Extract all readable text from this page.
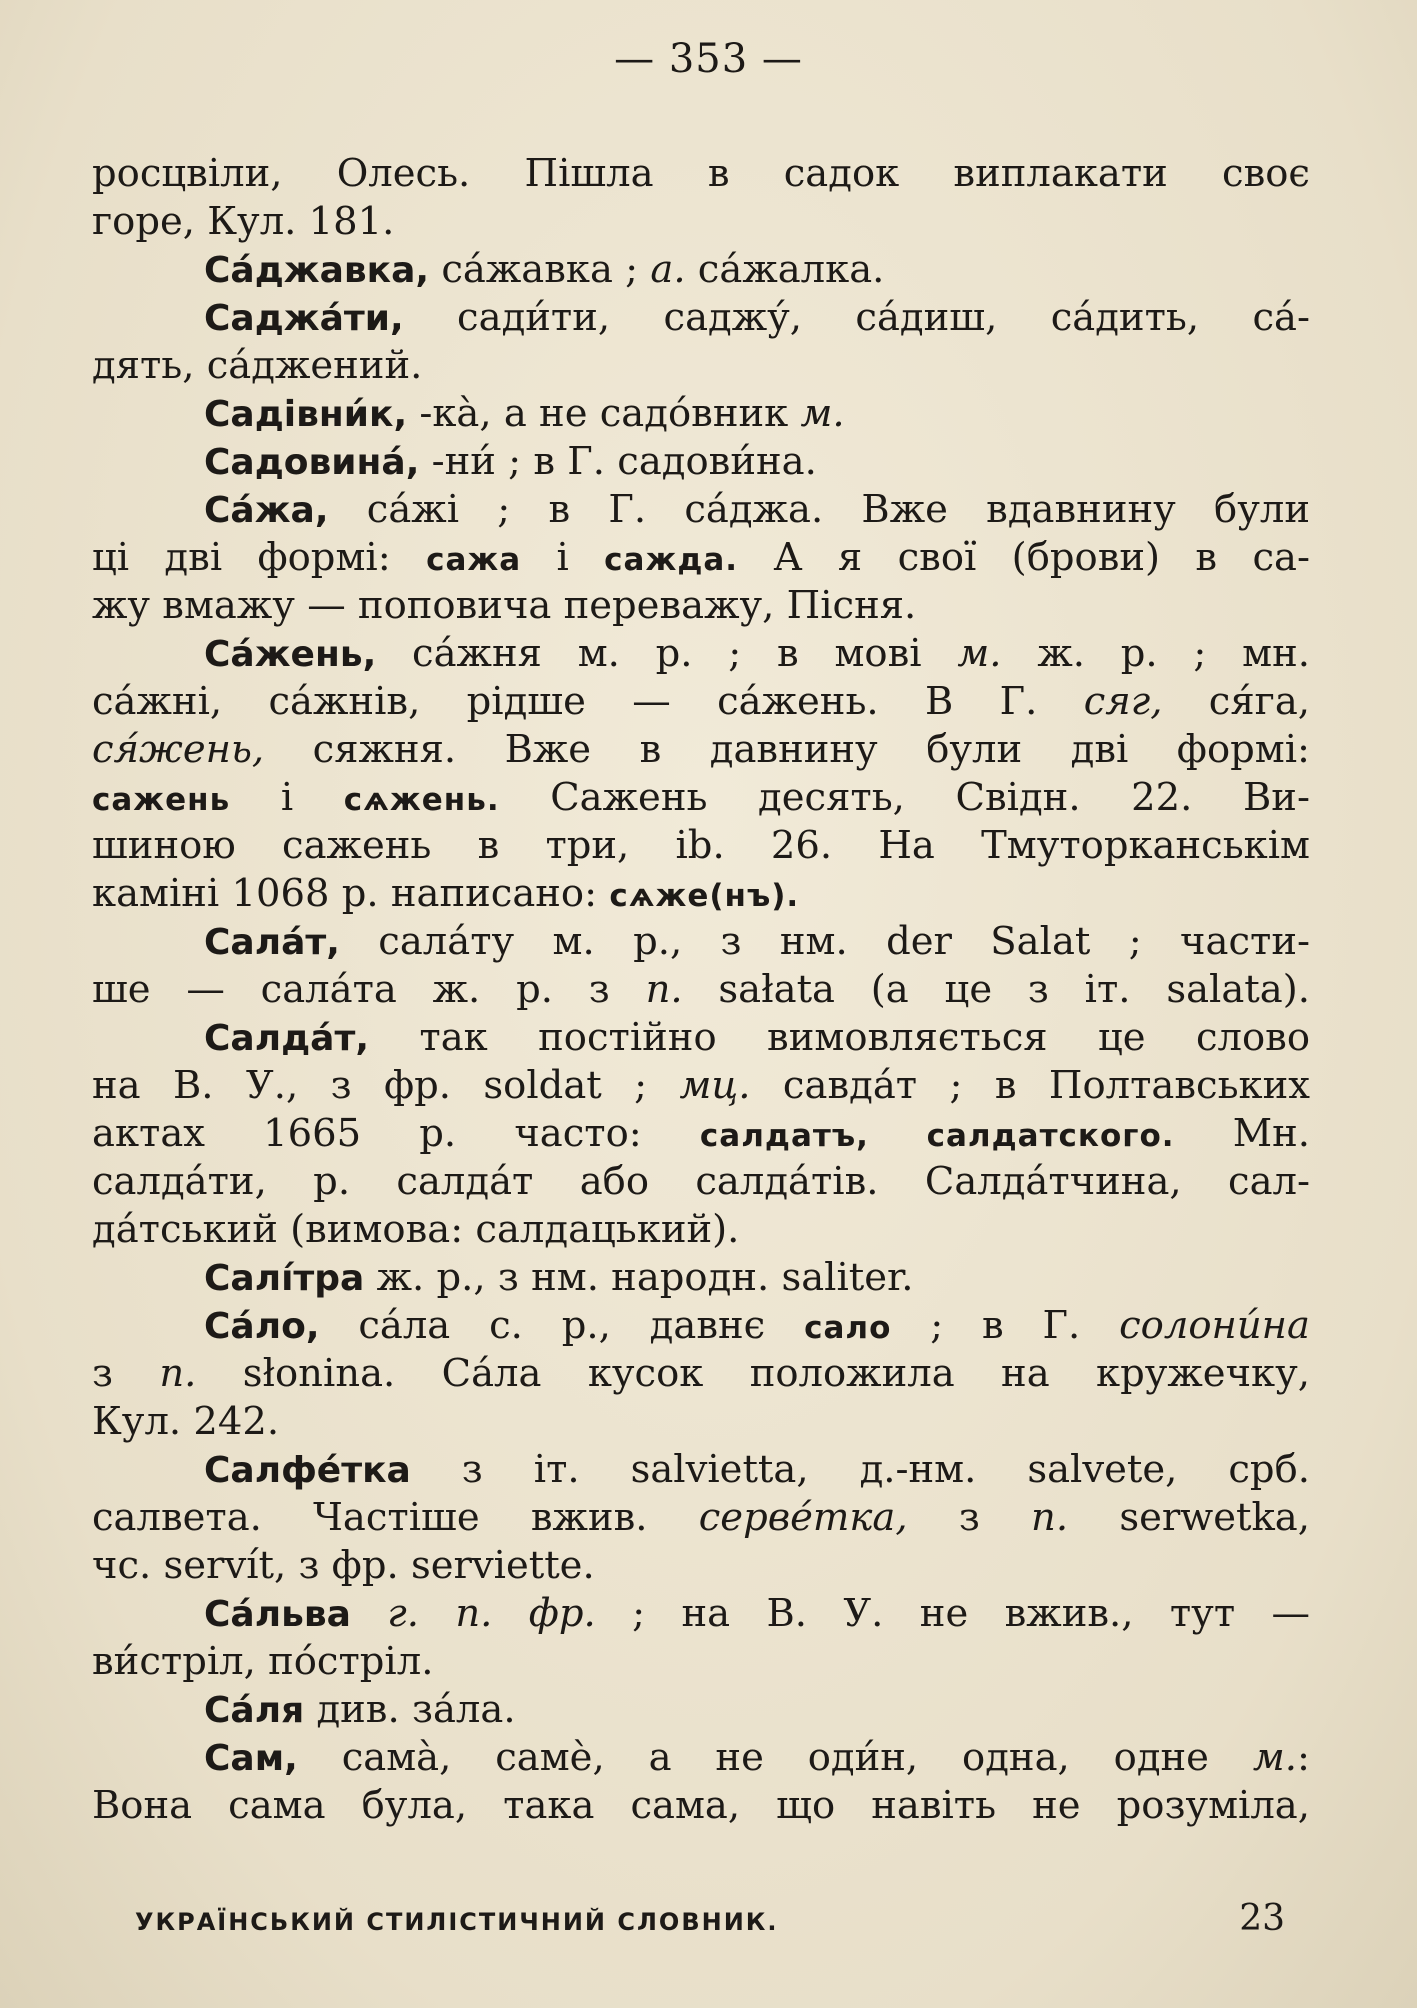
— 353 —
росцвіли, Олесь. Пішла в садок виплакати своє
горе, Кул. 181.
Са́джавка, са́жавка ; а. са́жалка.
Саджа́ти, сади́ти, саджу́, са́диш, са́дить, са́-
дять, са́джений.
Садівни́к, -кà, а не садо́вник м.
Садовина́, -ни́ ; в Г. садови́на.
Са́жа, са́жі ; в Г. са́джа. Вже вдавнину були
ці дві формі: сажа і сажда. А я свої (брови) в са-
жу вмажу — поповича переважу, Пісня.
Са́жень, са́жня м. р. ; в мові м. ж. р. ; мн.
са́жні, са́жнів, рідше — са́жень. В Г. сяг, ся́га,
ся́жень, сяжня. Вже в давнину були дві формі:
сажень і сѧжень. Сажень десять, Свідн. 22. Ви-
шиною сажень в три, ib. 26. На Тмуторканськім
каміні 1068 р. написано: сѧже(нъ).
Сала́т, сала́ту м. р., з нм. der Salat ; части-
ше — сала́та ж. р. з п. sałata (а це з іт. salata).
Салда́т, так постійно вимовляється це слово
на В. У., з фр. soldat ; мц. савда́т ; в Полтавських
актах 1665 р. часто: салдатъ, салдатского. Мн.
салда́ти, р. салда́т або салда́тів. Салда́тчина, сал-
да́тський (вимова: салдацький).
Салі́тра ж. р., з нм. народн. saliter.
Са́ло, са́ла с. р., давнє сало ; в Г. солони́на
з п. słonina. Са́ла кусок положила на кружечку,
Кул. 242.
Салфе́тка з іт. salvietta, д.-нм. salvete, срб.
салвета. Частіше вжив. серве́тка, з п. serwetka,
чс. servít, з фр. serviette.
Са́льва г. п. фр. ; на В. У. не вжив., тут —
ви́стріл, по́стріл.
Са́ля див. за́ла.
Сам, самà, самè, а не оди́н, одна, одне м.:
Вона сама була, така сама, що навіть не розуміла,
УКРАЇНСЬКИЙ СТИЛІСТИЧНИЙ СЛОВНИК.	23
